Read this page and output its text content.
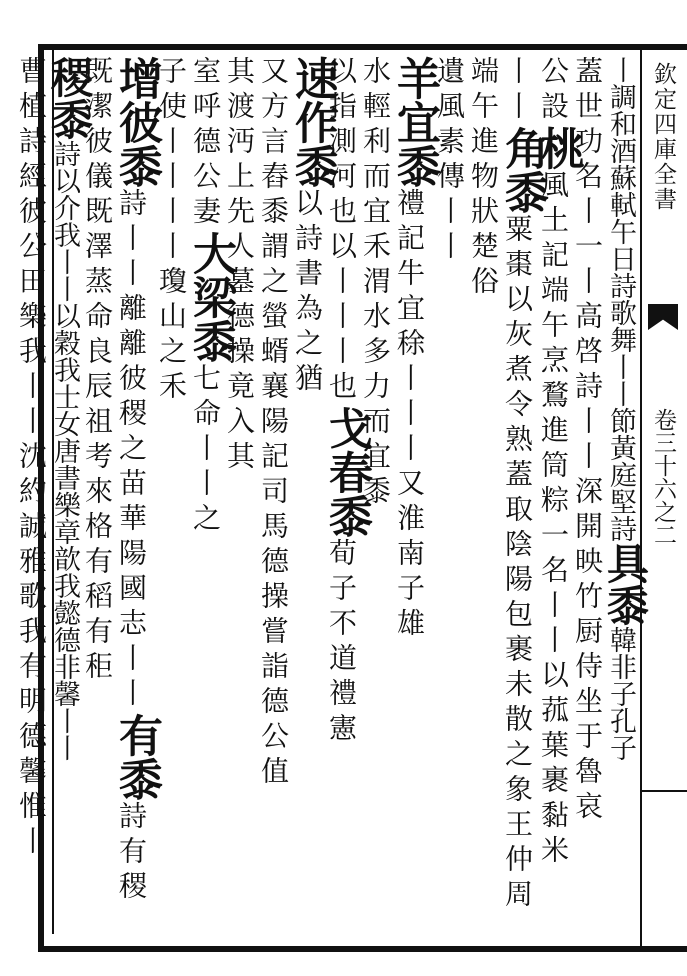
欽定四庫全書
卷三十六之二
丨調和酒蘇軾午日詩歌舞丨丨節黃庭堅詩
具黍
韓非子孔子
蓋世功名丨一丨高啓詩丨丨深開映竹厨
侍坐于魯哀
公設
桃
風土記端午烹鶩進筒粽一名丨丨以菰葉裹黏米
丨丨
角黍
粟棗以灰煮令熟蓋取陰陽包裹未散之象王仲周
端午進物狀楚俗
遺風素傳丨丨
羊宜黍
禮記牛宜稌丨丨丨又淮南子雄
水輕利而宜禾渭水多力而宜黍
以指測河也以丨丨丨也
戈春黍
荀子不道禮憲
速作黍
以詩書為之猶
又方言舂黍謂之螢蝑
襄陽記司馬德操嘗詣德公值
其渡沔上先人墓德操竟入其
室呼德公妻
大梁黍
七命丨丨之
子使丨丨丨
丨瓊山之禾
增彼黍
詩丨丨離離彼稷之苗華陽國志丨丨
有黍
詩有稷
既潔彼儀既澤蒸命良辰祖考來格
有稻有秬
稷黍
詩以介我丨丨以穀我士女唐書樂章歆我懿德非馨丨丨
曹植詩經彼公田樂我丨丨沈約誠雅歌我有明德馨惟丨
